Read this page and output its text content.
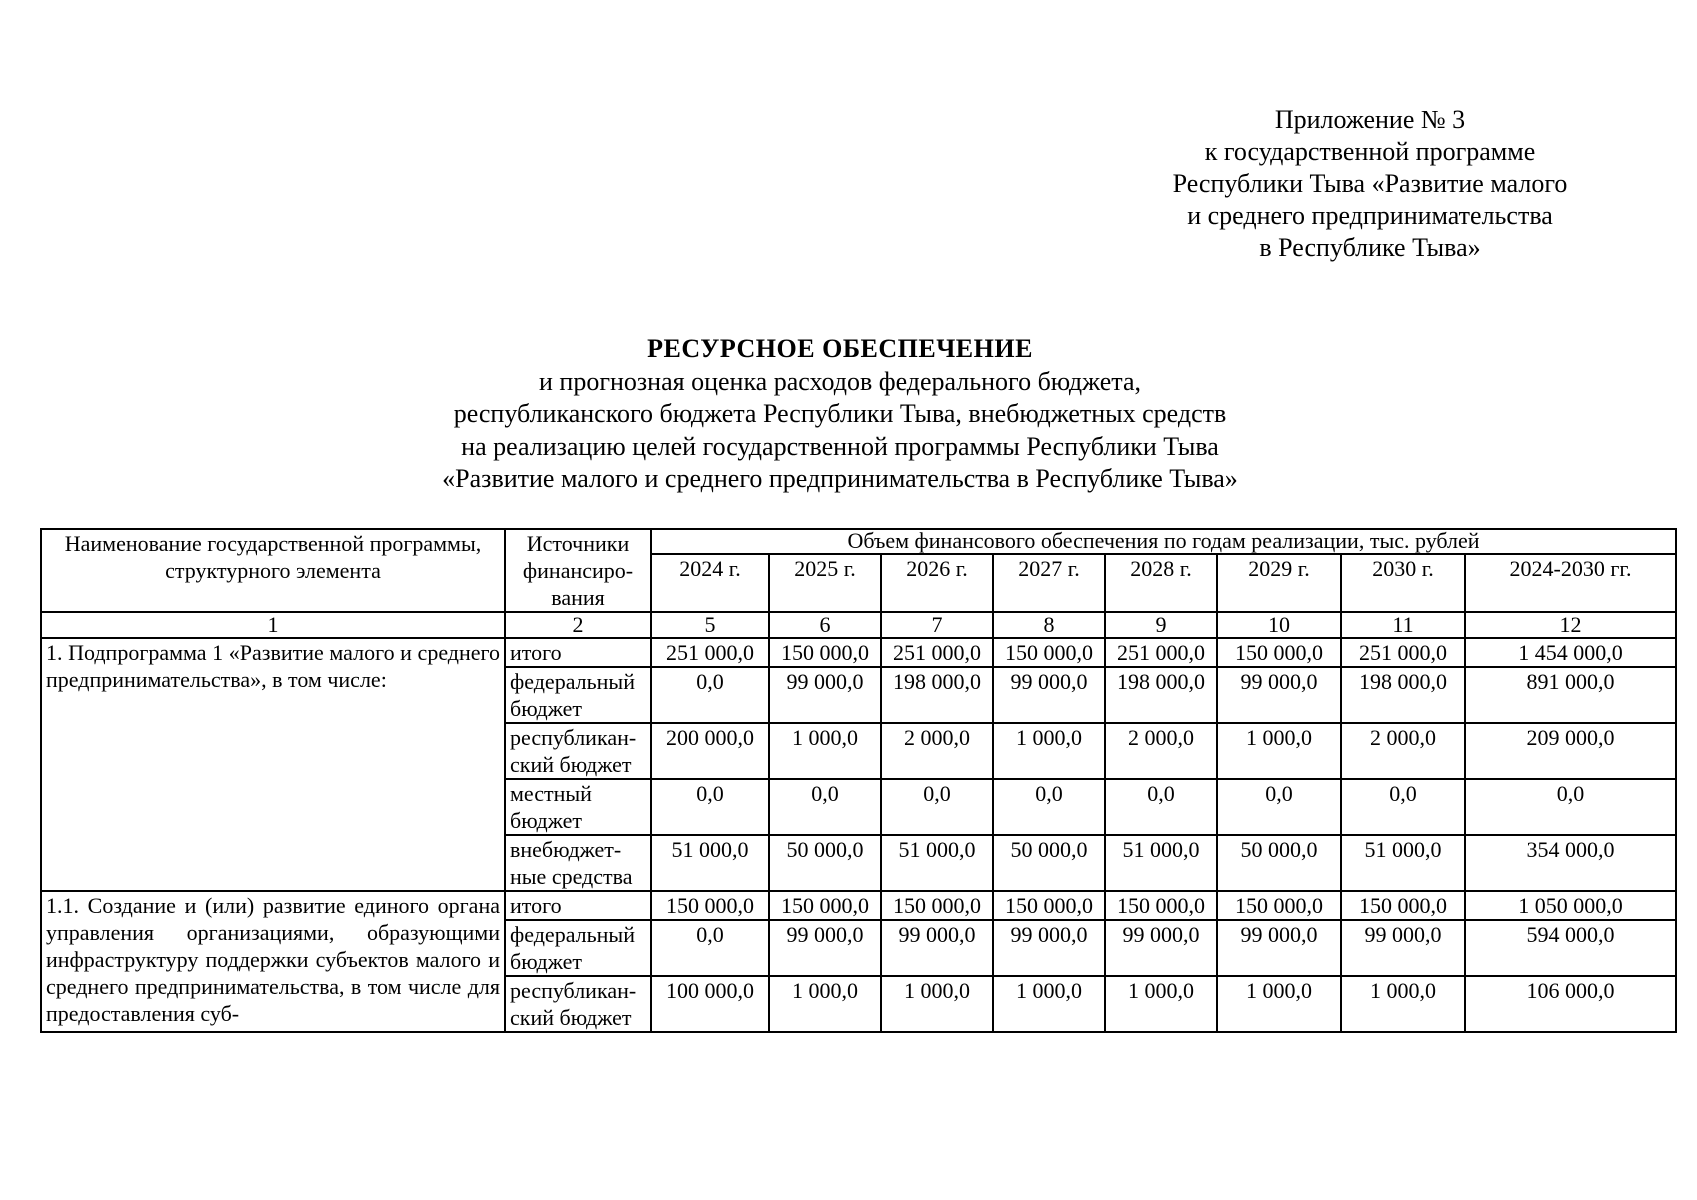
Приложение № 3
к государственной программе
Республики Тыва «Развитие малого
и среднего предпринимательства
в Республике Тыва»
РЕСУРСНОЕ ОБЕСПЕЧЕНИЕ
и прогнозная оценка расходов федерального бюджета,
республиканского бюджета Республики Тыва, внебюджетных средств
на реализацию целей государственной программы Республики Тыва
«Развитие малого и среднего предпринимательства в Республике Тыва»
Наименование государственной программы, структурного элемента	Источники финансиро-вания	Объем финансового обеспечения по годам реализации, тыс. рублей							
		2024 г.	2025 г.	2026 г.	2027 г.	2028 г.	2029 г.	2030 г.	2024-2030 гг.
1	2	5	6	7	8	9	10	11	12
1. Подпрограмма 1 «Развитие малого и среднего предпринимательства», в том числе:	итого	251 000,0	150 000,0	251 000,0	150 000,0	251 000,0	150 000,0	251 000,0	1 454 000,0
	федеральный бюджет	0,0	99 000,0	198 000,0	99 000,0	198 000,0	99 000,0	198 000,0	891 000,0
	республикан-ский бюджет	200 000,0	1 000,0	2 000,0	1 000,0	2 000,0	1 000,0	2 000,0	209 000,0
	местный бюджет	0,0	0,0	0,0	0,0	0,0	0,0	0,0	0,0
	внебюджет-ные средства	51 000,0	50 000,0	51 000,0	50 000,0	51 000,0	50 000,0	51 000,0	354 000,0
1.1. Создание и (или) развитие единого органа управления организациями, образующими инфраструктуру поддержки субъектов малого и среднего предпринимательства, в том числе для предоставления суб-	итого	150 000,0	150 000,0	150 000,0	150 000,0	150 000,0	150 000,0	150 000,0	1 050 000,0
	федеральный бюджет	0,0	99 000,0	99 000,0	99 000,0	99 000,0	99 000,0	99 000,0	594 000,0
	республикан-ский бюджет	100 000,0	1 000,0	1 000,0	1 000,0	1 000,0	1 000,0	1 000,0	106 000,0
